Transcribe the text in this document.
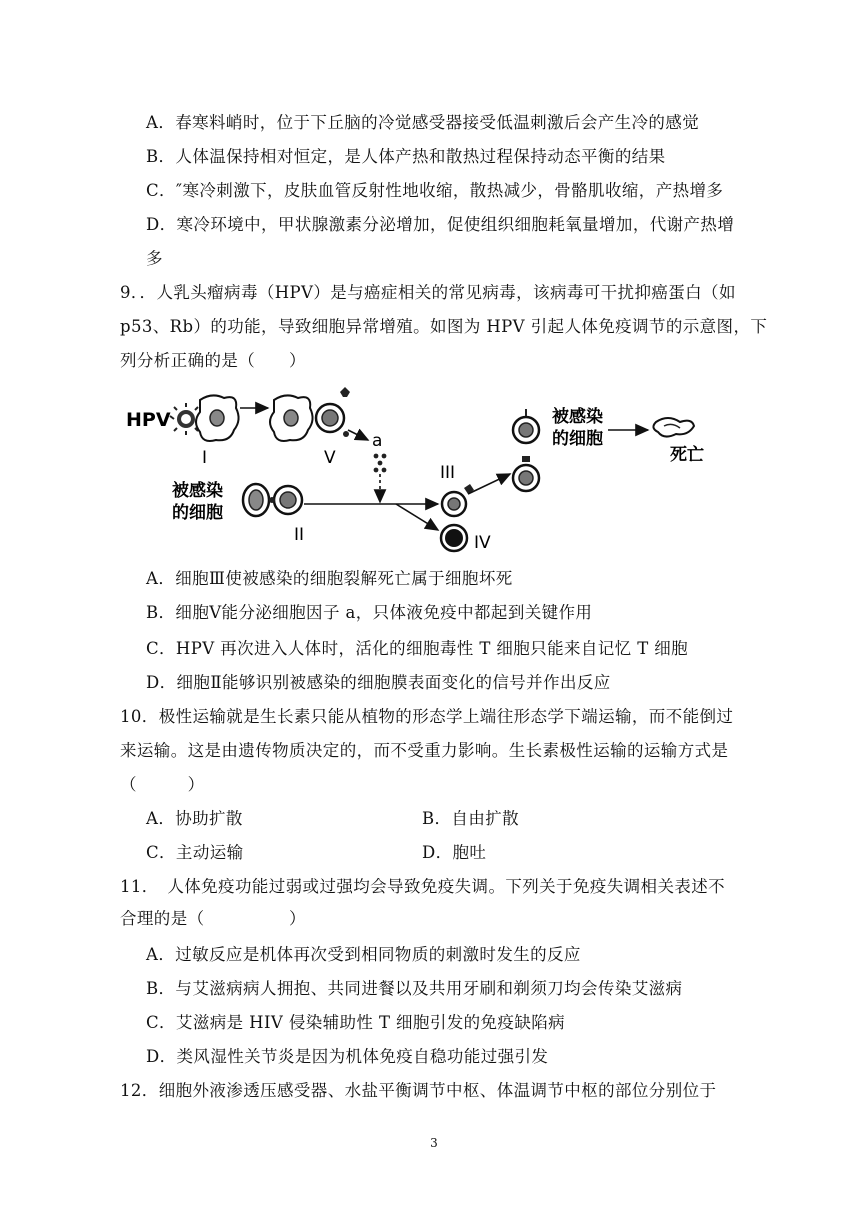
A．春寒料峭时，位于下丘脑的冷觉感受器接受低温刺激后会产生冷的感觉
B．人体温保持相对恒定，是人体产热和散热过程保持动态平衡的结果
C．″寒冷刺激下，皮肤血管反射性地收缩，散热减少，骨骼肌收缩，产热增多
D．寒冷环境中，甲状腺激素分泌增加，促使组织细胞耗氧量增加，代谢产热增
多
9．．人乳头瘤病毒（HPV）是与癌症相关的常见病毒，该病毒可干扰抑癌蛋白（如
p53、Rb）的功能，导致细胞异常增殖。如图为 HPV 引起人体免疫调节的示意图，下
列分析正确的是（　　）
HPV
I	V
a
被感染
的细胞
II
III
IV
被感染
的细胞
死亡
A．细胞Ⅲ使被感染的细胞裂解死亡属于细胞坏死
B．细胞Ⅴ能分泌细胞因子 a，只体液免疫中都起到关键作用
C．HPV 再次进入人体时，活化的细胞毒性 T 细胞只能来自记忆 T 细胞
D．细胞Ⅱ能够识别被感染的细胞膜表面变化的信号并作出反应
10．极性运输就是生长素只能从植物的形态学上端往形态学下端运输，而不能倒过
来运输。这是由遗传物质决定的，而不受重力影响。生长素极性运输的运输方式是
（　　　）
A．协助扩散	B．自由扩散
C．主动运输	D．胞吐
11．　人体免疫功能过弱或过强均会导致免疫失调。下列关于免疫失调相关表述不
合理的是（　　　　　）
A．过敏反应是机体再次受到相同物质的刺激时发生的反应
B．与艾滋病病人拥抱、共同进餐以及共用牙刷和剃须刀均会传染艾滋病
C．艾滋病是 HIV 侵染辅助性 T 细胞引发的免疫缺陷病
D．类风湿性关节炎是因为机体免疫自稳功能过强引发
12．细胞外液渗透压感受器、水盐平衡调节中枢、体温调节中枢的部位分别位于
3
